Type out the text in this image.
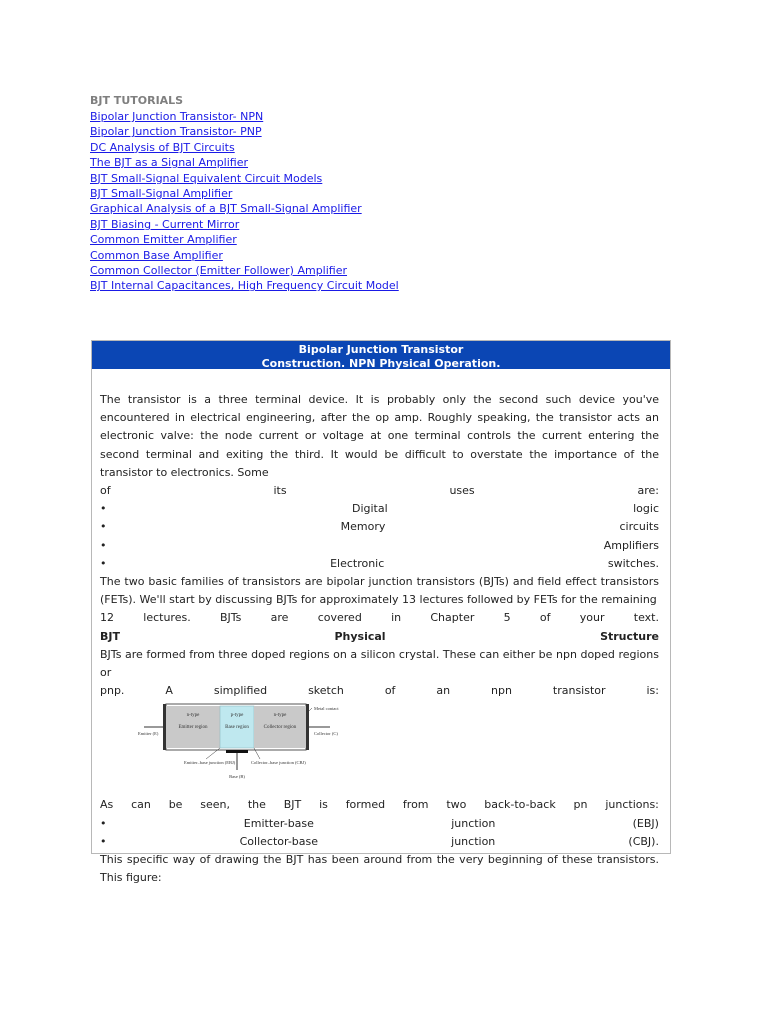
BJT TUTORIALS
Bipolar Junction Transistor- NPN
Bipolar Junction Transistor- PNP
DC Analysis of BJT Circuits
The BJT as a Signal Amplifier
BJT Small-Signal Equivalent Circuit Models
BJT Small-Signal Amplifier
Graphical Analysis of a BJT Small-Signal Amplifier
BJT Biasing - Current Mirror
Common Emitter Amplifier
Common Base Amplifier
Common Collector (Emitter Follower) Amplifier
BJT Internal Capacitances, High Frequency Circuit Model
Bipolar Junction Transistor
Construction. NPN Physical Operation.

The transistor is a three terminal device. It is probably only the second such device you've encountered in electrical engineering, after the op amp. Roughly speaking, the transistor acts an electronic valve: the node current or voltage at one terminal controls the current entering the second terminal and exiting the third. It would be difficult to overstate the importance of the transistor to electronics. Some

of	its	uses	are:
•	Digital	logic
•	Memory	circuits
•	Amplifiers
•	Electronic	switches.

The two basic families of transistors are bipolar junction transistors (BJTs) and field effect transistors (FETs). We'll start by discussing BJTs for approximately 13 lectures followed by FETs for the remaining

12	lectures.	BJTs	are	covered	in	Chapter	5	of	your	text.
BJT	Physical	Structure

BJTs are formed from three doped regions on a silicon crystal. These can either be npn doped regions or

pnp.	A	simplified	sketch	of	an	npn	transistor	is:
n-type
Emitter region
p-type
Base region
n-type
Collector region
Metal contact
Emitter (E)	Collector (C)
Emitter–base junction (EBJ)
Base (B)
Collector–base junction (CBJ)
As can be seen, the BJT is formed from two back-to-back pn junctions:
•	Emitter-base	junction	(EBJ)
•	Collector-base	junction	(CBJ).

This specific way of drawing the BJT has been around from the very beginning of these transistors. This figure:
